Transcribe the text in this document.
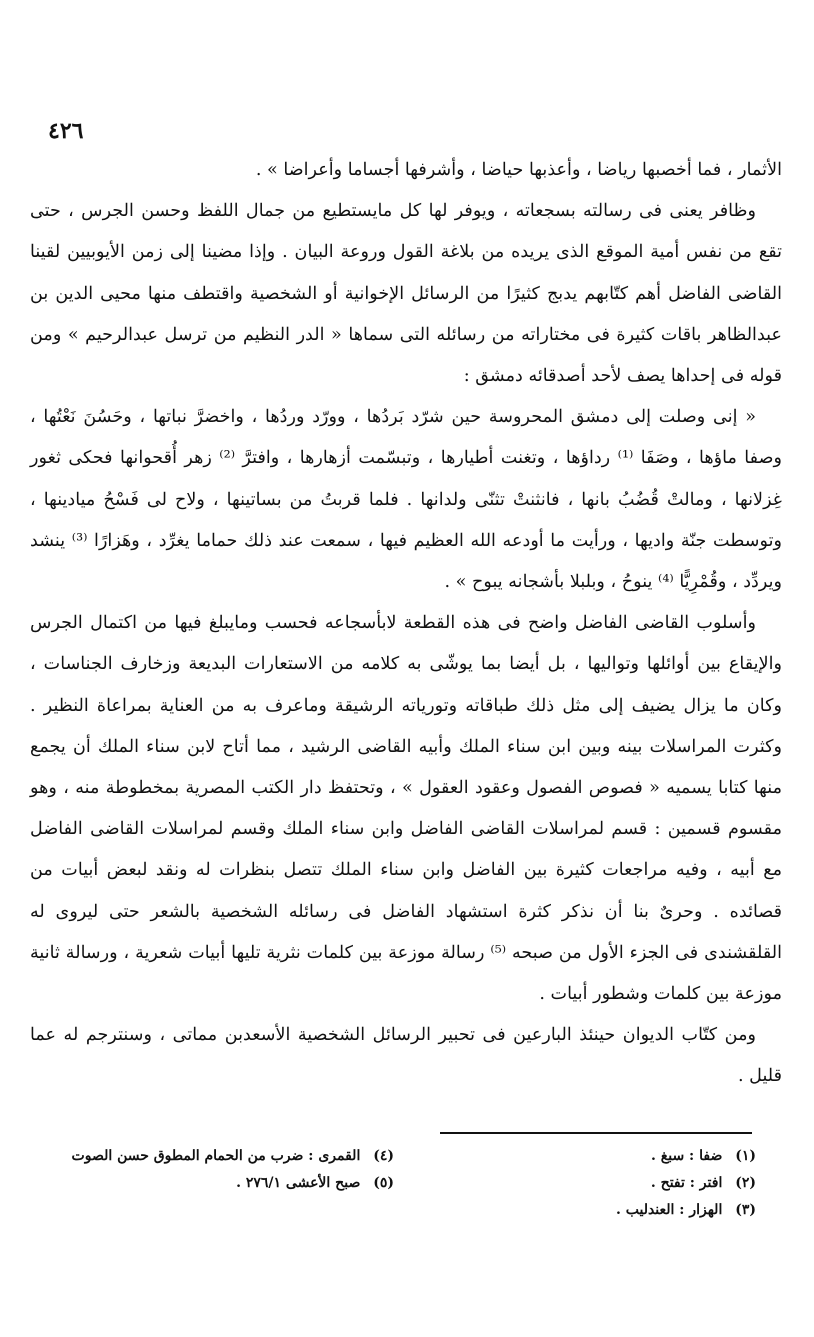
٤٢٦

الأثمار ، فما أخصبها رياضا ، وأعذبها حياضا ، وأشرفها أجساما وأعراضا » .

وظافر يعنى فى رسالته بسجعاته ، ويوفر لها كل مايستطيع من جمال اللفظ وحسن الجرس ، حتى تقع من نفس أمية الموقع الذى يريده من بلاغة القول وروعة البيان . وإذا مضينا إلى زمن الأيوبيين لقينا القاضى الفاضل أهم كتّابهم يدبج كثيرًا من الرسائل الإخوانية أو الشخصية واقتطف منها محيى الدين بن عبدالظاهر باقات كثيرة فى مختاراته من رسائله التى سماها « الدر النظيم من ترسل عبدالرحيم » ومن قوله فى إحداها يصف لأحد أصدقائه دمشق :

« إنى وصلت إلى دمشق المحروسة حين شرّد بَردُها ، وورّد وردُها ، واخضرَّ نباتها ، وحَسُنَ نَعْتُها ، وصفا ماؤها ، وصَفَا ⁽¹⁾ رداؤها ، وتغنت أطيارها ، وتبسّمت أزهارها ، وافترَّ ⁽²⁾ زهر أُقحوانها فحكى ثغور غِزلانها ، ومالتْ قُضُبُ بانها ، فانثنتْ تثنّى ولدانها . فلما قربتُ من بساتينها ، ولاح لى فَسْحُ ميادينها ، وتوسطت جنّة واديها ، ورأيت ما أودعه الله العظيم فيها ، سمعت عند ذلك حماما يغرِّد ، وهَزارًا ⁽³⁾ ينشد ويردِّد ، وقُمْرِيًّا ⁽⁴⁾ ينوحُ ، وبلبلا بأشجانه يبوح » .

وأسلوب القاضى الفاضل واضح فى هذه القطعة لابأسجاعه فحسب ومايبلغ فيها من اكتمال الجرس والإيقاع بين أوائلها وتواليها ، بل أيضا بما يوشّى به كلامه من الاستعارات البديعة وزخارف الجناسات ، وكان ما يزال يضيف إلى مثل ذلك طباقاته وتورياته الرشيقة وماعرف به من العناية بمراعاة النظير . وكثرت المراسلات بينه وبين ابن سناء الملك وأبيه القاضى الرشيد ، مما أتاح لابن سناء الملك أن يجمع منها كتابا يسميه « فصوص الفصول وعقود العقول » ، وتحتفظ دار الكتب المصرية بمخطوطة منه ، وهو مقسوم قسمين : قسم لمراسلات القاضى الفاضل وابن سناء الملك وقسم لمراسلات القاضى الفاضل مع أبيه ، وفيه مراجعات كثيرة بين الفاضل وابن سناء الملك تتصل بنظرات له ونقد لبعض أبيات من قصائده . وحرىٌ بنا أن نذكر كثرة استشهاد الفاضل فى رسائله الشخصية بالشعر حتى ليروى له القلقشندى فى الجزء الأول من صبحه ⁽⁵⁾ رسالة موزعة بين كلمات نثرية تليها أبيات شعرية ، ورسالة ثانية موزعة بين كلمات وشطور أبيات .

ومن كتّاب الديوان حينئذ البارعين فى تحبير الرسائل الشخصية الأسعدبن مماتى ، وسنترجم له عما قليل .

(١) ضفا : سبغ .
(٢) افتر : تفتح .
(٣) الهزار : العندليب .
(٤) القمرى : ضرب من الحمام المطوق حسن الصوت
(٥) صبح الأعشى ٢٧٦/١ .
